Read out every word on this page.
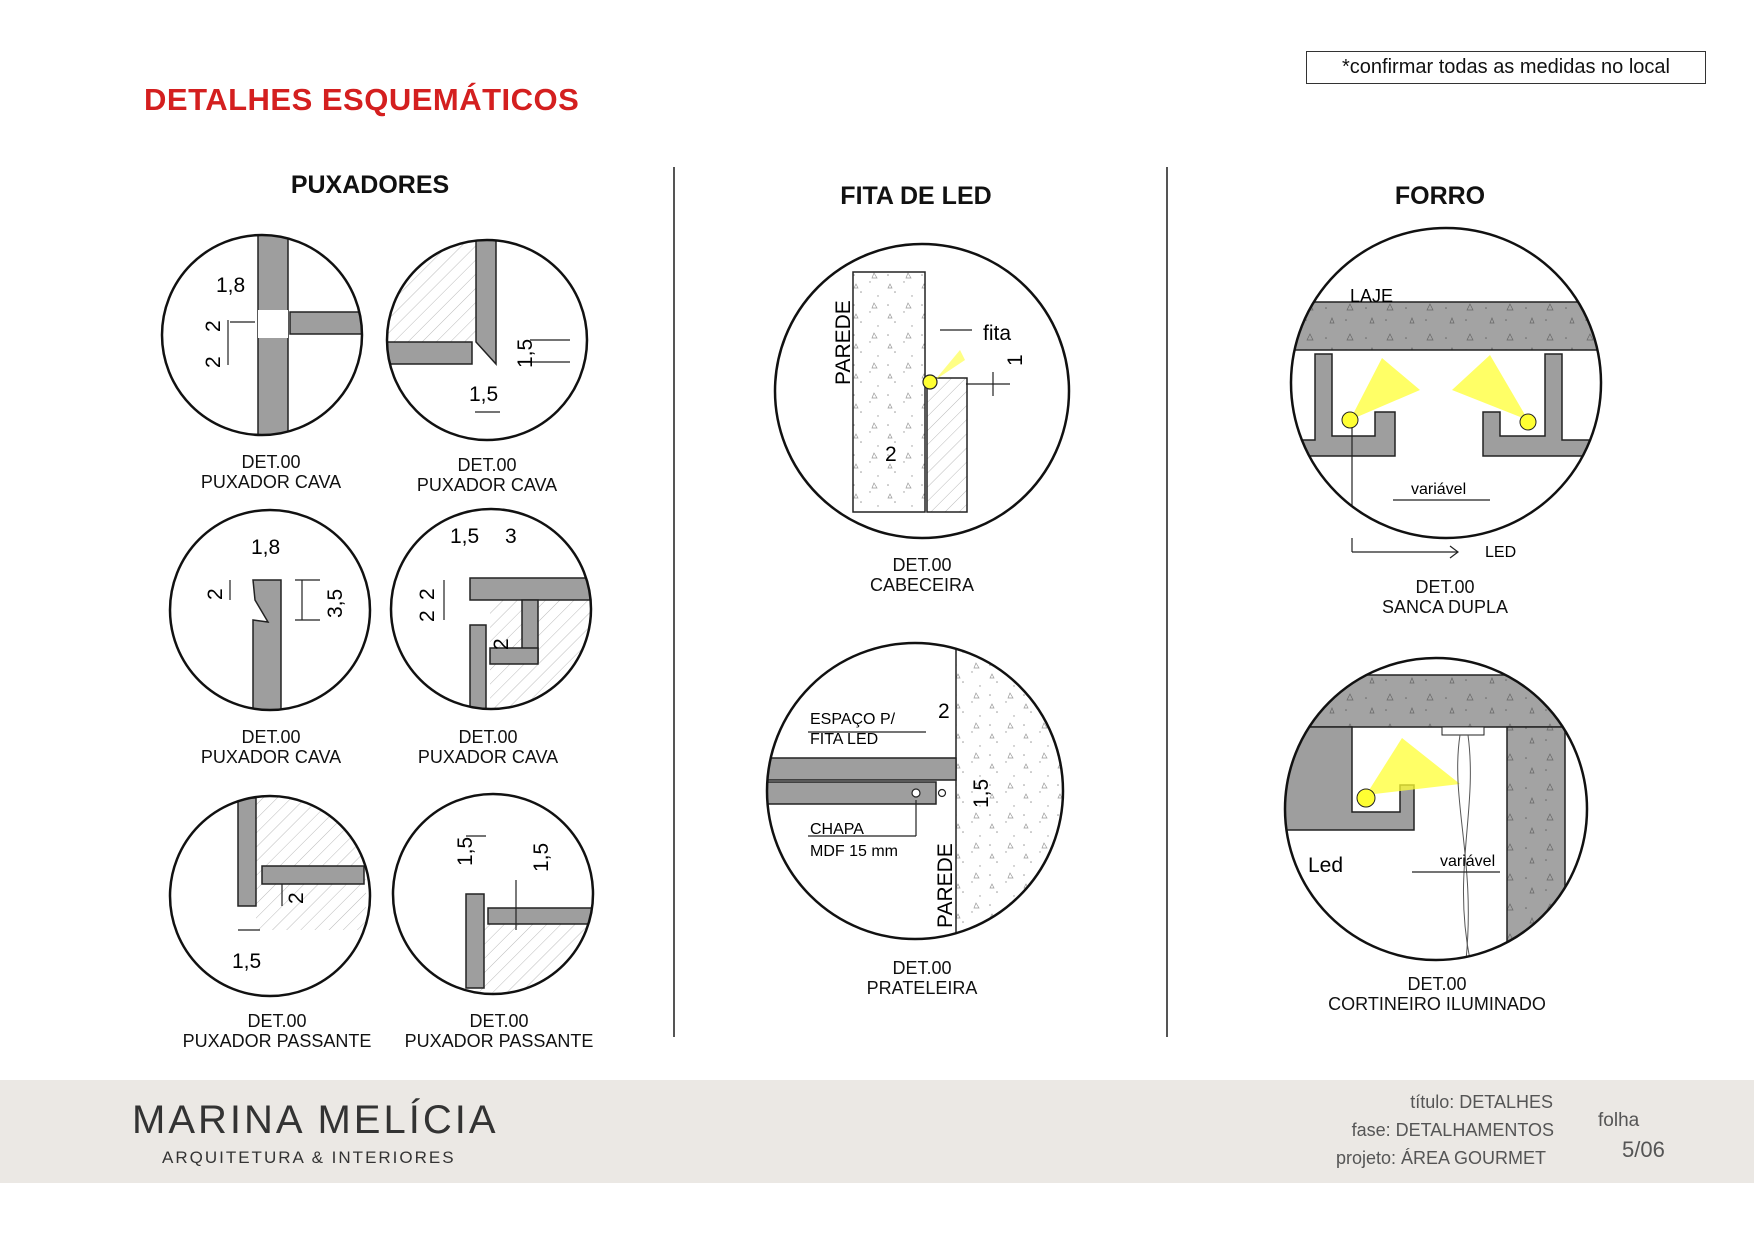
DETALHES ESQUEMÁTICOS
*confirmar todas as medidas no local
PUXADORES	FITA DE LED	FORRO
1,8
2
2	1,5
1,5
1,8
2	3,5
1,5 3
2
2
2
2
1,5
1,5	1,5
PAREDE	fita
1
2
ESPAÇO P/
FITA LED
CHAPA
MDF 15 mm PAREDE
2
1,5
LAJE
variável
LED
Led	variável
DET.00
PUXADOR CAVA
DET.00
PUXADOR CAVA
DET.00
PUXADOR CAVA
DET.00
PUXADOR CAVA
DET.00
PUXADOR PASSANTE
DET.00
PUXADOR PASSANTE
DET.00
CABECEIRA
DET.00
PRATELEIRA
DET.00
SANCA DUPLA
DET.00
CORTINEIRO ILUMINADO
MARINA MELÍCIA
ARQUITETURA & INTERIORES
título: DETALHES
fase: DETALHAMENTOS
projeto: ÁREA GOURMET
folha
5/06
